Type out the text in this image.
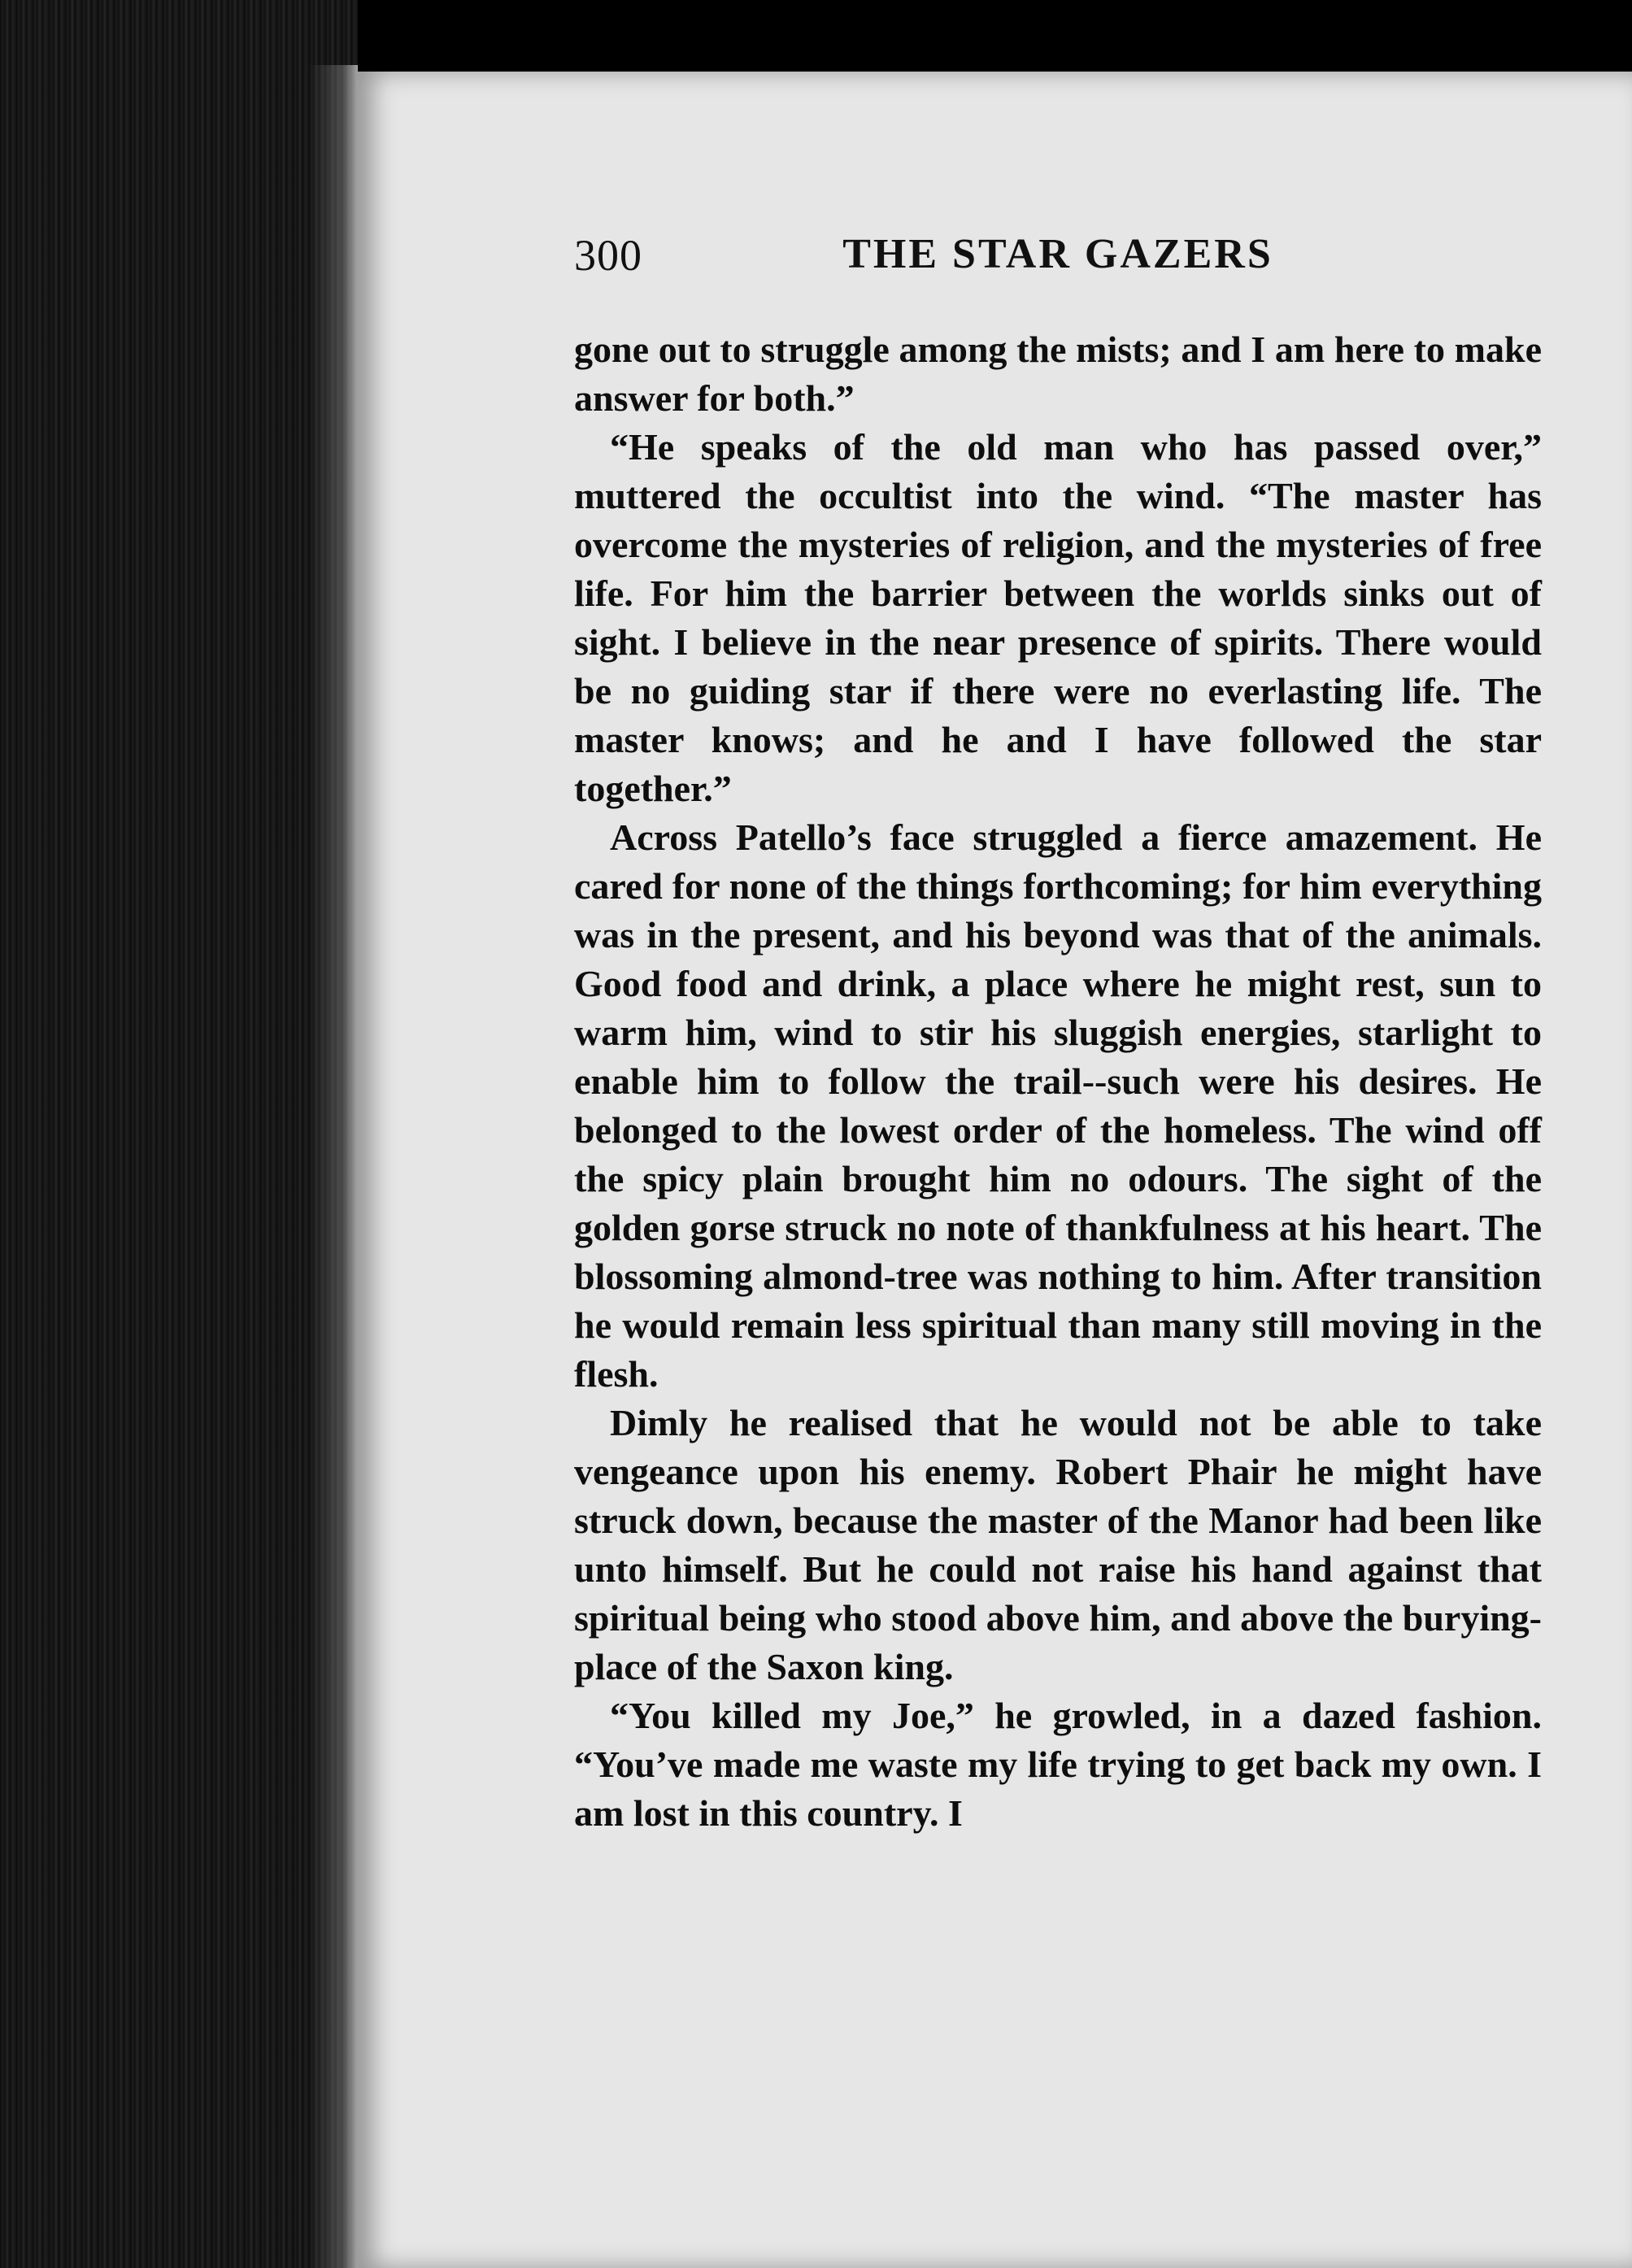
300	THE STAR GAZERS

gone out to struggle among the mists; and I am here to make answer for both.”

“He speaks of the old man who has passed over,” muttered the occultist into the wind. “The master has overcome the mysteries of religion, and the mysteries of free life. For him the barrier between the worlds sinks out of sight. I believe in the near presence of spirits. There would be no guiding star if there were no everlasting life. The master knows; and he and I have followed the star together.”

Across Patello’s face struggled a fierce amazement. He cared for none of the things forthcoming; for him everything was in the present, and his beyond was that of the animals. Good food and drink, a place where he might rest, sun to warm him, wind to stir his sluggish energies, starlight to enable him to follow the trail--such were his desires. He belonged to the lowest order of the homeless. The wind off the spicy plain brought him no odours. The sight of the golden gorse struck no note of thankfulness at his heart. The blossoming almond-tree was nothing to him. After transition he would remain less spiritual than many still moving in the flesh.

Dimly he realised that he would not be able to take vengeance upon his enemy. Robert Phair he might have struck down, because the master of the Manor had been like unto himself. But he could not raise his hand against that spiritual being who stood above him, and above the burying-place of the Saxon king.

“You killed my Joe,” he growled, in a dazed fashion. “You’ve made me waste my life trying to get back my own. I am lost in this country. I
